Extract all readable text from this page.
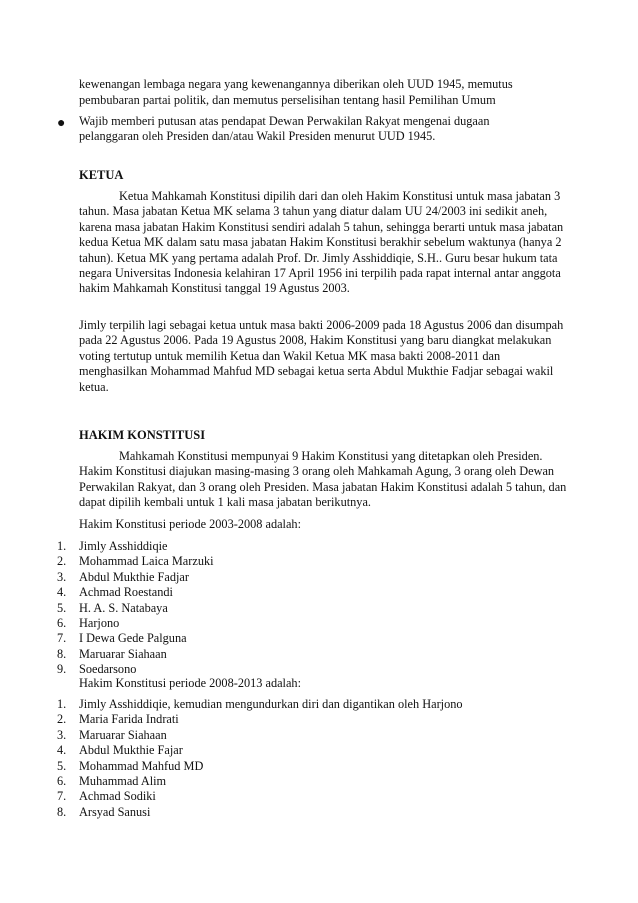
kewenangan lembaga negara yang kewenangannya diberikan oleh UUD 1945, memutus

pembubaran partai politik, dan memutus perselisihan tentang hasil Pemilihan Umum

● Wajib memberi putusan atas pendapat Dewan Perwakilan Rakyat mengenai dugaan pelanggaran oleh Presiden dan/atau Wakil Presiden menurut UUD 1945.

KETUA

Ketua Mahkamah Konstitusi dipilih dari dan oleh Hakim Konstitusi untuk masa jabatan 3 tahun. Masa jabatan Ketua MK selama 3 tahun yang diatur dalam UU 24/2003 ini sedikit aneh, karena masa jabatan Hakim Konstitusi sendiri adalah 5 tahun, sehingga berarti untuk masa jabatan kedua Ketua MK dalam satu masa jabatan Hakim Konstitusi berakhir sebelum waktunya (hanya 2 tahun). Ketua MK yang pertama adalah Prof. Dr. Jimly Asshiddiqie, S.H.. Guru besar hukum tata negara Universitas Indonesia kelahiran 17 April 1956 ini terpilih pada rapat internal antar anggota hakim Mahkamah Konstitusi tanggal 19 Agustus 2003.

Jimly terpilih lagi sebagai ketua untuk masa bakti 2006-2009 pada 18 Agustus 2006 dan disumpah pada 22 Agustus 2006. Pada 19 Agustus 2008, Hakim Konstitusi yang baru diangkat melakukan voting tertutup untuk memilih Ketua dan Wakil Ketua MK masa bakti 2008-2011 dan menghasilkan Mohammad Mahfud MD sebagai ketua serta Abdul Mukthie Fadjar sebagai wakil ketua.

HAKIM KONSTITUSI

Mahkamah Konstitusi mempunyai 9 Hakim Konstitusi yang ditetapkan oleh Presiden. Hakim Konstitusi diajukan masing-masing 3 orang oleh Mahkamah Agung, 3 orang oleh Dewan Perwakilan Rakyat, dan 3 orang oleh Presiden. Masa jabatan Hakim Konstitusi adalah 5 tahun, dan dapat dipilih kembali untuk 1 kali masa jabatan berikutnya.

Hakim Konstitusi periode 2003-2008 adalah:

1. Jimly Asshiddiqie
2. Mohammad Laica Marzuki
3. Abdul Mukthie Fadjar
4. Achmad Roestandi
5. H. A. S. Natabaya
6. Harjono
7. I Dewa Gede Palguna
8. Maruarar Siahaan
9. Soedarsono

Hakim Konstitusi periode 2008-2013 adalah:

1. Jimly Asshiddiqie, kemudian mengundurkan diri dan digantikan oleh Harjono
2. Maria Farida Indrati
3. Maruarar Siahaan
4. Abdul Mukthie Fajar
5. Mohammad Mahfud MD
6. Muhammad Alim
7. Achmad Sodiki
8. Arsyad Sanusi
